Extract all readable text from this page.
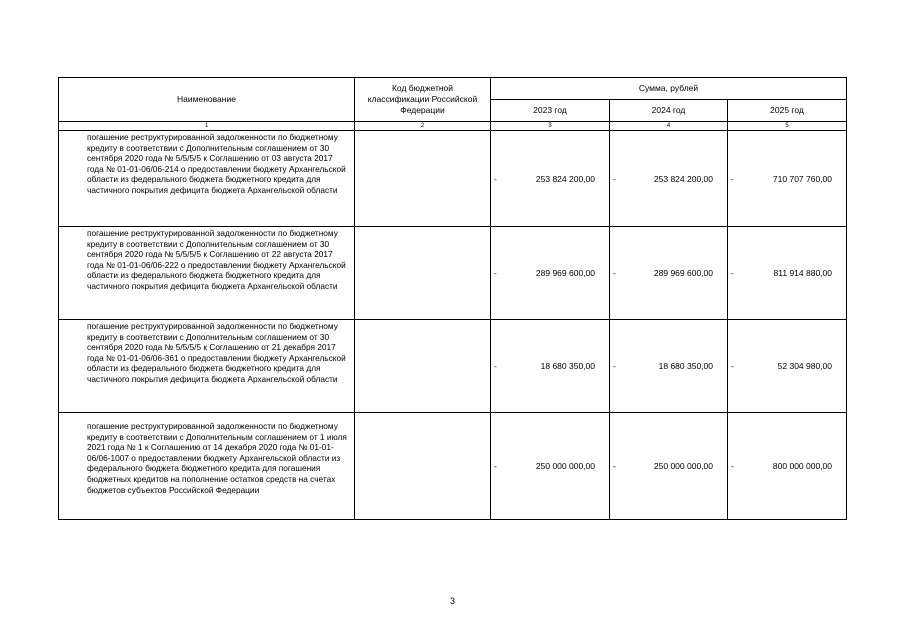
Наименование	Код бюджетной классификации Российской Федерации	Сумма, рублей		
		2023 год	2024 год	2025 год
1	2	3	4	5
погашение реструктурированной задолженности по бюджетному кредиту в соответствии с Дополнительным соглашением от 30 сентября 2020 года № 5/5/5/5 к Соглашению от 03 августа 2017 года № 01-01-06/06-214 о предоставлении бюджету Архангельской области из федерального бюджета бюджетного кредита для частичного покрытия дефицита бюджета Архангельской области		- 253 824 200,00	- 253 824 200,00	- 710 707 760,00

погашение реструктурированной задолженности по бюджетному кредиту в соответствии с Дополнительным соглашением от 30 сентября 2020 года № 5/5/5/5 к Соглашению от 22 августа 2017 года № 01-01-06/06-222 о предоставлении бюджету Архангельской области из федерального бюджета бюджетного кредита для частичного покрытия дефицита бюджета Архангельской области		- 289 969 600,00	- 289 969 600,00	- 811 914 880,00

погашение реструктурированной задолженности по бюджетному кредиту в соответствии с Дополнительным соглашением от 30 сентября 2020 года № 5/5/5/5 к Соглашению от 21 декабря 2017 года № 01-01-06/06-361 о предоставлении бюджету Архангельской области из федерального бюджета бюджетного кредита для частичного покрытия дефицита бюджета Архангельской области		- 18 680 350,00	- 18 680 350,00	- 52 304 980,00

погашение реструктурированной задолженности по бюджетному кредиту в соответствии с Дополнительным соглашением от 1 июля 2021 года № 1 к Соглашению от 14 декабря 2020 года № 01-01-06/06-1007 о предоставлении бюджету Архангельской области из федерального бюджета бюджетного кредита для погашения бюджетных кредитов на пополнение остатков средств на счетах бюджетов субъектов Российской Федерации		- 250 000 000,00	- 250 000 000,00	- 800 000 000,00
3
